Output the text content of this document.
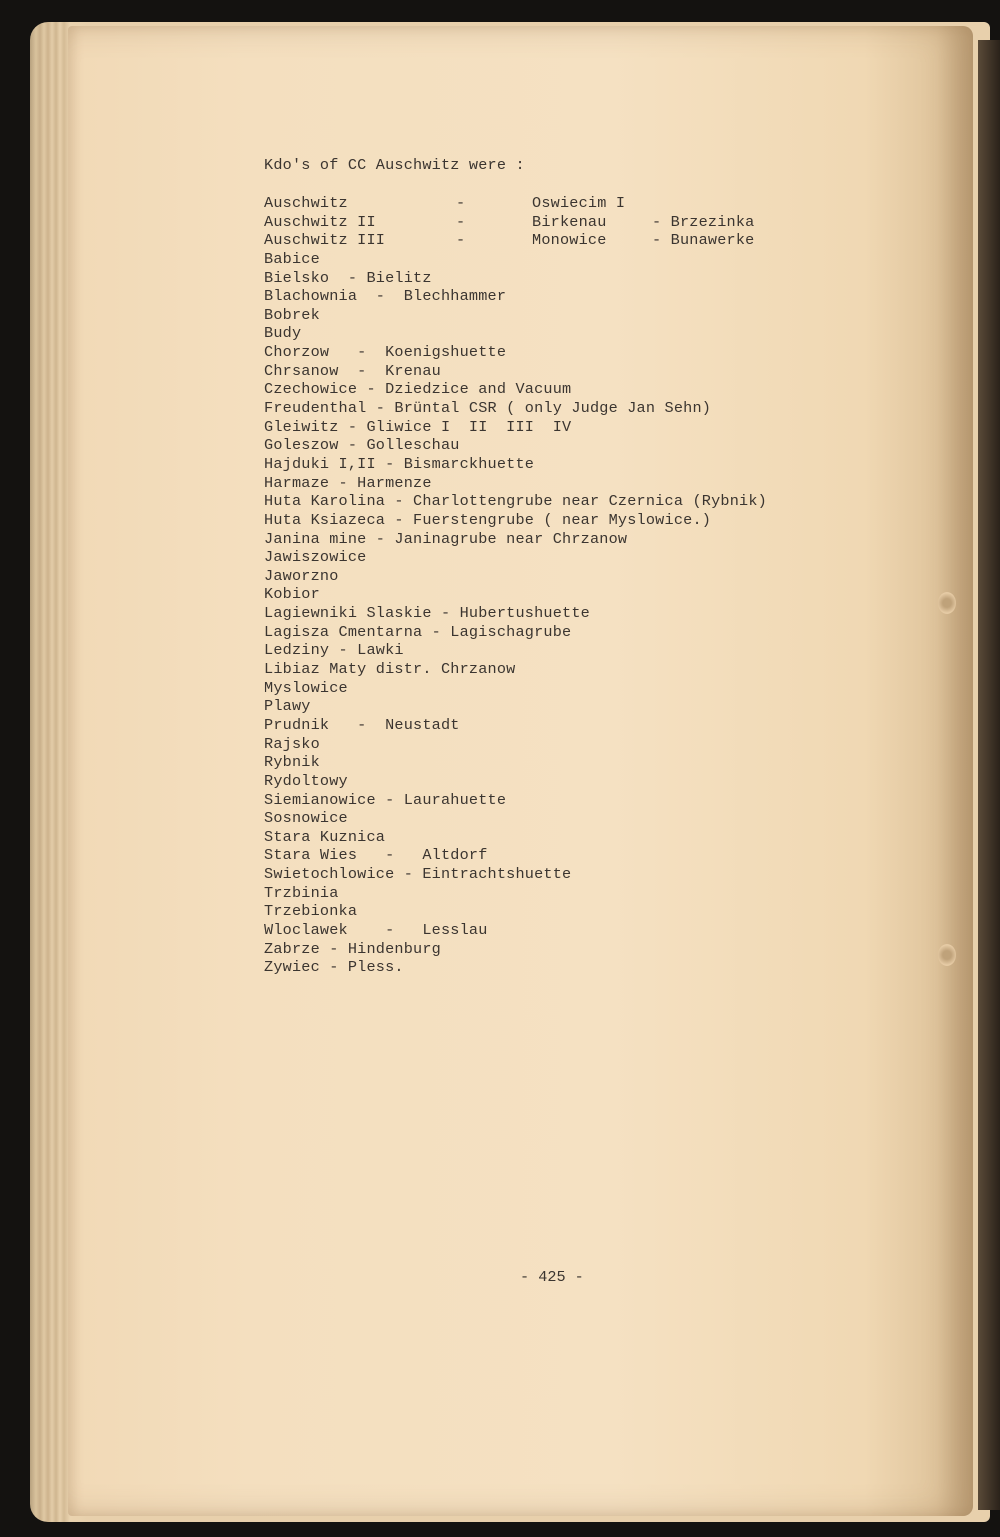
Kdo's of CC Auschwitz were :
Auschwitz	-	Oswiecim I
Auschwitz II	-	Birkenau	- Brzezinka
Auschwitz III	-	Monowice	- Bunawerke
Babice
Bielsko  - Bielitz
Blachownia  -  Blechhammer
Bobrek
Budy
Chorzow   -  Koenigshuette
Chrsanow  -  Krenau
Czechowice - Dziedzice and Vacuum
Freudenthal - Brüntal CSR ( only Judge Jan Sehn)
Gleiwitz - Gliwice I  II  III  IV
Goleszow - Golleschau
Hajduki I,II - Bismarckhuette
Harmaze - Harmenze
Huta Karolina - Charlottengrube near Czernica (Rybnik)
Huta Ksiazeca - Fuerstengrube ( near Myslowice.)
Janina mine - Janinagrube near Chrzanow
Jawiszowice
Jaworzno
Kobior
Lagiewniki Slaskie - Hubertushuette
Lagisza Cmentarna - Lagischagrube
Ledziny - Lawki
Libiaz Maty distr. Chrzanow
Myslowice
Plawy
Prudnik   -  Neustadt
Rajsko
Rybnik
Rydoltowy
Siemianowice - Laurahuette
Sosnowice
Stara Kuznica
Stara Wies   -   Altdorf
Swietochlowice - Eintrachtshuette
Trzbinia
Trzebionka
Wloclawek    -   Lesslau
Zabrze - Hindenburg
Zywiec - Pless.
- 425 -
